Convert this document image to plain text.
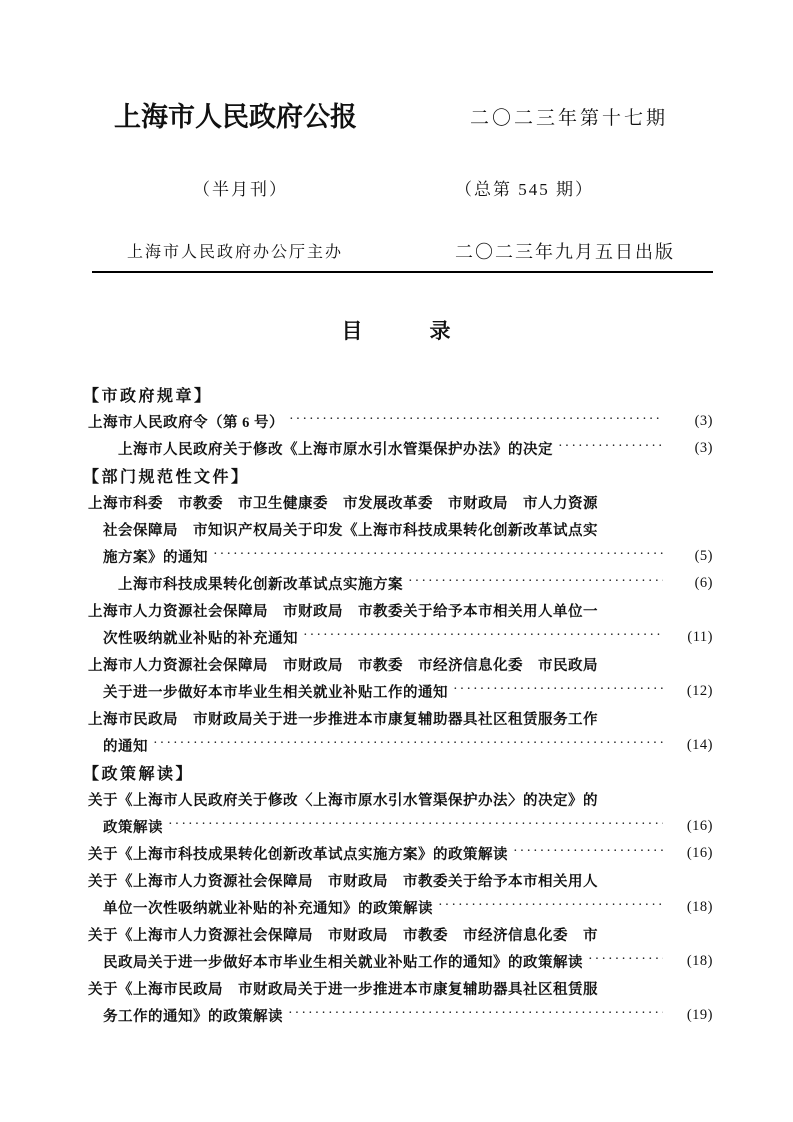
上海市人民政府公报	二〇二三年第十七期
（半月刊）	（总第 545 期）
上海市人民政府办公厅主办	二〇二三年九月五日出版
目　　　录
【市政府规章】
上海市人民政府令（第 6 号） ·····	(3)
上海市人民政府关于修改《上海市原水引水管渠保护办法》的决定 ·····	(3)
【部门规范性文件】
上海市科委　市教委　市卫生健康委　市发展改革委　市财政局　市人力资源
社会保障局　市知识产权局关于印发《上海市科技成果转化创新改革试点实
施方案》的通知 ·····	(5)
上海市科技成果转化创新改革试点实施方案 ·····	(6)
上海市人力资源社会保障局　市财政局　市教委关于给予本市相关用人单位一
次性吸纳就业补贴的补充通知 ·····	(11)
上海市人力资源社会保障局　市财政局　市教委　市经济信息化委　市民政局
关于进一步做好本市毕业生相关就业补贴工作的通知 ·····	(12)
上海市民政局　市财政局关于进一步推进本市康复辅助器具社区租赁服务工作
的通知 ·····	(14)
【政策解读】
关于《上海市人民政府关于修改〈上海市原水引水管渠保护办法〉的决定》的
政策解读 ·····	(16)
关于《上海市科技成果转化创新改革试点实施方案》的政策解读 ·····	(16)
关于《上海市人力资源社会保障局　市财政局　市教委关于给予本市相关用人
单位一次性吸纳就业补贴的补充通知》的政策解读 ·····	(18)
关于《上海市人力资源社会保障局　市财政局　市教委　市经济信息化委　市
民政局关于进一步做好本市毕业生相关就业补贴工作的通知》的政策解读 ·····	(18)
关于《上海市民政局　市财政局关于进一步推进本市康复辅助器具社区租赁服
务工作的通知》的政策解读 ·····	(19)
